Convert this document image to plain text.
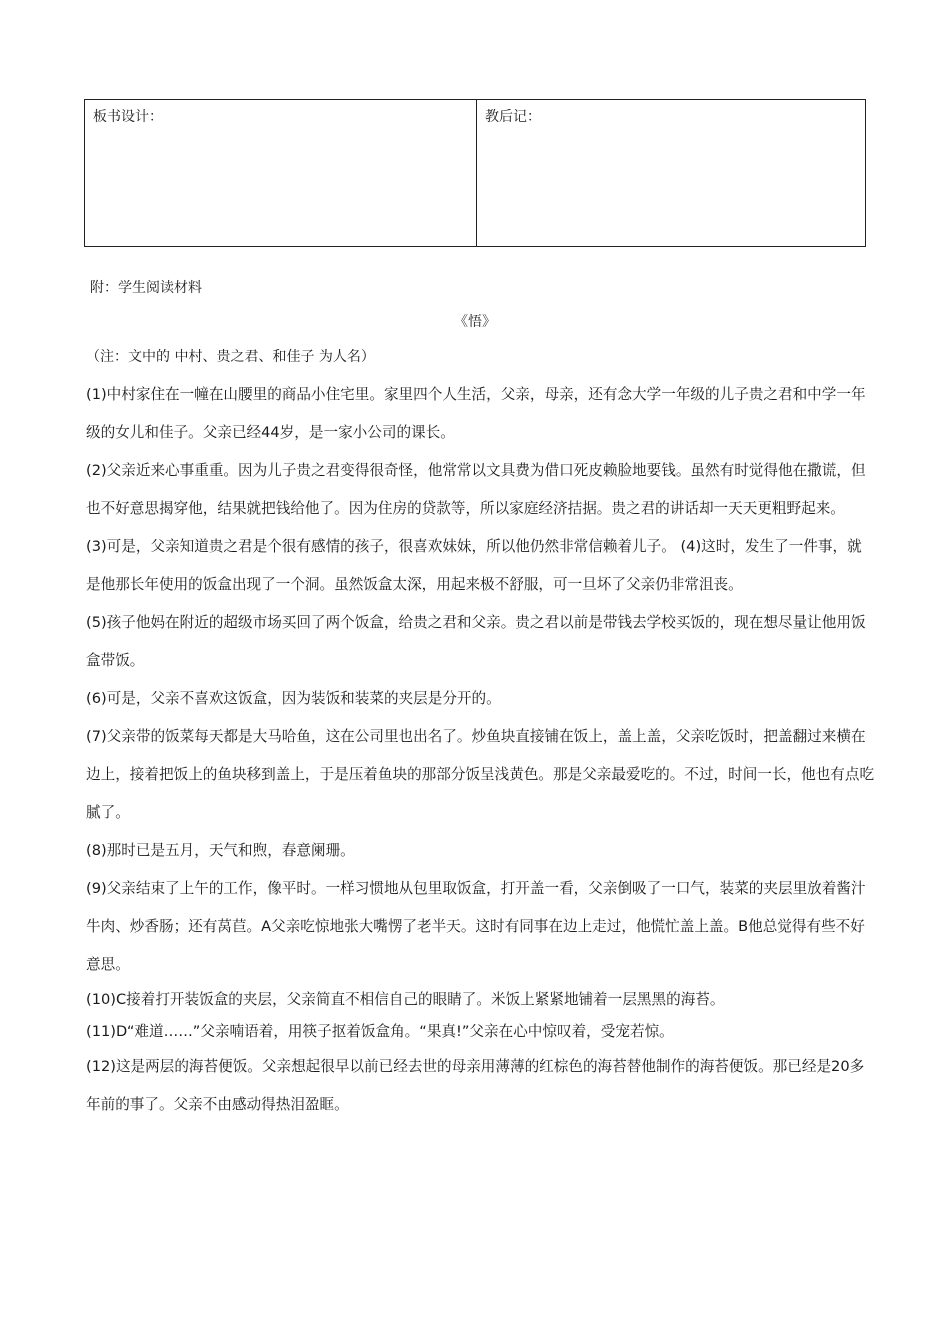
板书设计：	教后记：
附：学生阅读材料
《悟》
（注：文中的 中村、贵之君、和佳子 为人名）

(1)中村家住在一幢在山腰里的商品小住宅里。家里四个人生活，父亲，母亲，还有念大学一年级的儿子贵之君和中学一年级的女儿和佳子。父亲已经44岁，是一家小公司的课长。

(2)父亲近来心事重重。因为儿子贵之君变得很奇怪，他常常以文具费为借口死皮赖脸地要钱。虽然有时觉得他在撒谎，但也不好意思揭穿他，结果就把钱给他了。因为住房的贷款等，所以家庭经济拮据。贵之君的讲话却一天天更粗野起来。

(3)可是，父亲知道贵之君是个很有感情的孩子，很喜欢妹妹，所以他仍然非常信赖着儿子。 (4)这时，发生了一件事，就是他那长年使用的饭盒出现了一个洞。虽然饭盒太深，用起来极不舒服，可一旦坏了父亲仍非常沮丧。

(5)孩子他妈在附近的超级市场买回了两个饭盒，给贵之君和父亲。贵之君以前是带钱去学校买饭的，现在想尽量让他用饭盒带饭。

(6)可是，父亲不喜欢这饭盒，因为装饭和装菜的夹层是分开的。

(7)父亲带的饭菜每天都是大马哈鱼，这在公司里也出名了。炒鱼块直接铺在饭上，盖上盖，父亲吃饭时，把盖翻过来横在边上，接着把饭上的鱼块移到盖上，于是压着鱼块的那部分饭呈浅黄色。那是父亲最爱吃的。不过，时间一长，他也有点吃腻了。

(8)那时已是五月，天气和煦，春意阑珊。

(9)父亲结束了上午的工作，像平时。一样习惯地从包里取饭盒，打开盖一看，父亲倒吸了一口气，装菜的夹层里放着酱汁牛肉、炒香肠；还有莴苣。A父亲吃惊地张大嘴愣了老半天。这时有同事在边上走过，他慌忙盖上盖。B他总觉得有些不好意思。

(10)C接着打开装饭盒的夹层，父亲简直不相信自己的眼睛了。米饭上紧紧地铺着一层黑黑的海苔。

(11)D“难道……”父亲喃语着，用筷子抠着饭盒角。“果真!”父亲在心中惊叹着，受宠若惊。

(12)这是两层的海苔便饭。父亲想起很早以前已经去世的母亲用薄薄的红棕色的海苔替他制作的海苔便饭。那已经是20多年前的事了。父亲不由感动得热泪盈眶。
